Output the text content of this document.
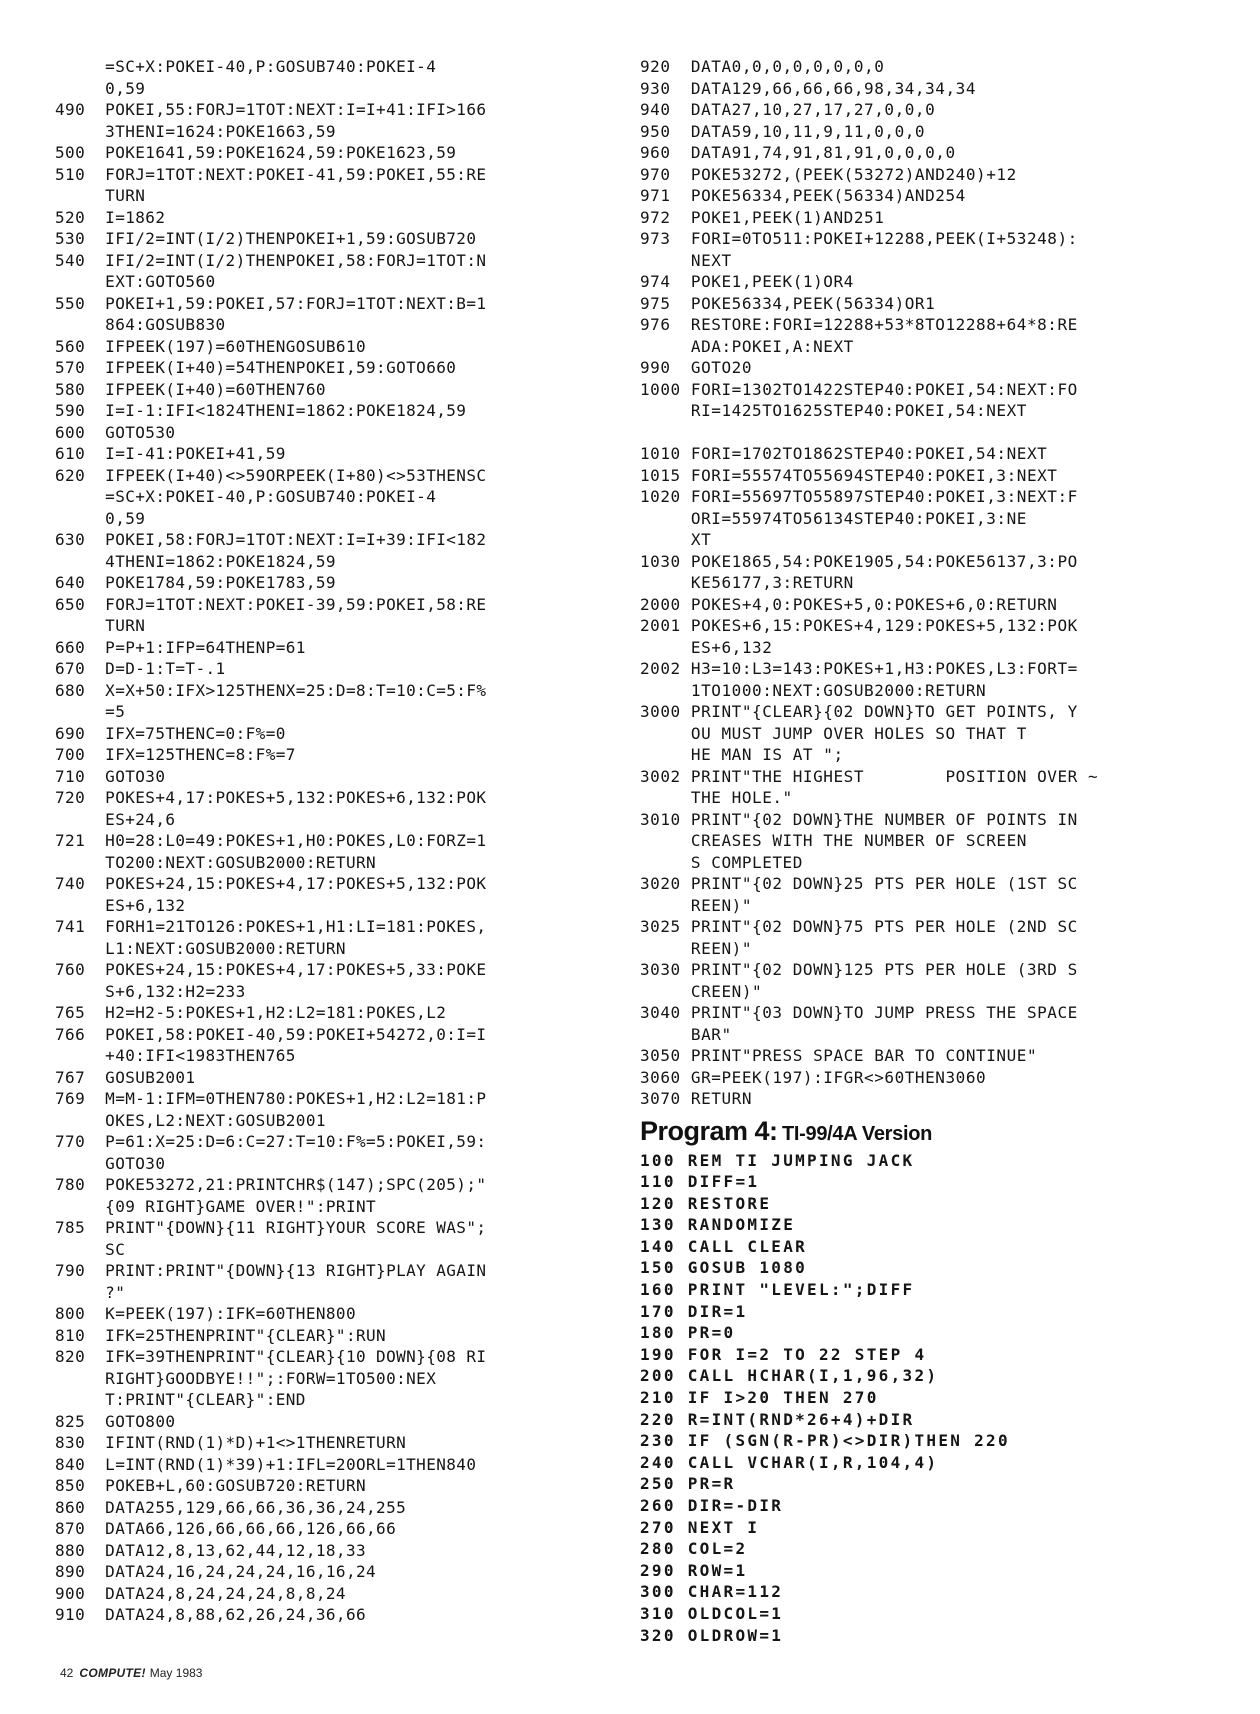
=SC+X:POKEI-40,P:GOSUB740:POKEI-4
0,59
490  POKEI,55:FORJ=1TOT:NEXT:I=I+41:IFI>166
3THENI=1624:POKE1663,59
500  POKE1641,59:POKE1624,59:POKE1623,59
510  FORJ=1TOT:NEXT:POKEI-41,59:POKEI,55:RE
TURN
520  I=1862
530  IFI/2=INT(I/2)THENPOKEI+1,59:GOSUB720
540  IFI/2=INT(I/2)THENPOKEI,58:FORJ=1TOT:N
EXT:GOTO560
550  POKEI+1,59:POKEI,57:FORJ=1TOT:NEXT:B=1
864:GOSUB830
560  IFPEEK(197)=60THENGOSUB610
570  IFPEEK(I+40)=54THENPOKEI,59:GOTO660
580  IFPEEK(I+40)=60THEN760
590  I=I-1:IFI<1824THENI=1862:POKE1824,59
600  GOTO530
610  I=I-41:POKEI+41,59
620  IFPEEK(I+40)<>59ORPEEK(I+80)<>53THENSC
=SC+X:POKEI-40,P:GOSUB740:POKEI-4
0,59
630  POKEI,58:FORJ=1TOT:NEXT:I=I+39:IFI<182
4THENI=1862:POKE1824,59
640  POKE1784,59:POKE1783,59
650  FORJ=1TOT:NEXT:POKEI-39,59:POKEI,58:RE
TURN
660  P=P+1:IFP=64THENP=61
670  D=D-1:T=T-.1
680  X=X+50:IFX>125THENX=25:D=8:T=10:C=5:F%
=5
690  IFX=75THENC=0:F%=0
700  IFX=125THENC=8:F%=7
710  GOTO30
720  POKES+4,17:POKES+5,132:POKES+6,132:POK
ES+24,6
721  H0=28:L0=49:POKES+1,H0:POKES,L0:FORZ=1
TO200:NEXT:GOSUB2000:RETURN
740  POKES+24,15:POKES+4,17:POKES+5,132:POK
ES+6,132
741  FORH1=21TO126:POKES+1,H1:LI=181:POKES,
L1:NEXT:GOSUB2000:RETURN
760  POKES+24,15:POKES+4,17:POKES+5,33:POKE
S+6,132:H2=233
765  H2=H2-5:POKES+1,H2:L2=181:POKES,L2
766  POKEI,58:POKEI-40,59:POKEI+54272,0:I=I
+40:IFI<1983THEN765
767  GOSUB2001
769  M=M-1:IFM=0THEN780:POKES+1,H2:L2=181:P
OKES,L2:NEXT:GOSUB2001
770  P=61:X=25:D=6:C=27:T=10:F%=5:POKEI,59:
GOTO30
780  POKE53272,21:PRINTCHR$(147);SPC(205);"
{09 RIGHT}GAME OVER!":PRINT
785  PRINT"{DOWN}{11 RIGHT}YOUR SCORE WAS";
SC
790  PRINT:PRINT"{DOWN}{13 RIGHT}PLAY AGAIN
?"
800  K=PEEK(197):IFK=60THEN800
810  IFK=25THENPRINT"{CLEAR}":RUN
820  IFK=39THENPRINT"{CLEAR}{10 DOWN}{08 RI
RIGHT}GOODBYE!!";:FORW=1TO500:NEX
T:PRINT"{CLEAR}":END
825  GOTO800
830  IFINT(RND(1)*D)+1<>1THENRETURN
840  L=INT(RND(1)*39)+1:IFL=20ORL=1THEN840
850  POKEB+L,60:GOSUB720:RETURN
860  DATA255,129,66,66,36,36,24,255
870  DATA66,126,66,66,66,126,66,66
880  DATA12,8,13,62,44,12,18,33
890  DATA24,16,24,24,24,16,16,24
900  DATA24,8,24,24,24,8,8,24
910  DATA24,8,88,62,26,24,36,66
920  DATA0,0,0,0,0,0,0,0
930  DATA129,66,66,66,98,34,34,34
940  DATA27,10,27,17,27,0,0,0
950  DATA59,10,11,9,11,0,0,0
960  DATA91,74,91,81,91,0,0,0,0
970  POKE53272,(PEEK(53272)AND240)+12
971  POKE56334,PEEK(56334)AND254
972  POKE1,PEEK(1)AND251
973  FORI=0TO511:POKEI+12288,PEEK(I+53248):
NEXT
974  POKE1,PEEK(1)OR4
975  POKE56334,PEEK(56334)OR1
976  RESTORE:FORI=12288+53*8TO12288+64*8:RE
ADA:POKEI,A:NEXT
990  GOTO20
1000 FORI=1302TO1422STEP40:POKEI,54:NEXT:FO
RI=1425TO1625STEP40:POKEI,54:NEXT
1010 FORI=1702TO1862STEP40:POKEI,54:NEXT
1015 FORI=55574TO55694STEP40:POKEI,3:NEXT
1020 FORI=55697TO55897STEP40:POKEI,3:NEXT:F
ORI=55974TO56134STEP40:POKEI,3:NE
XT
1030 POKE1865,54:POKE1905,54:POKE56137,3:PO
KE56177,3:RETURN
2000 POKES+4,0:POKES+5,0:POKES+6,0:RETURN
2001 POKES+6,15:POKES+4,129:POKES+5,132:POK
ES+6,132
2002 H3=10:L3=143:POKES+1,H3:POKES,L3:FORT=
1TO1000:NEXT:GOSUB2000:RETURN
3000 PRINT"{CLEAR}{02 DOWN}TO GET POINTS, Y
OU MUST JUMP OVER HOLES SO THAT T
HE MAN IS AT ";
3002 PRINT"THE HIGHEST        POSITION OVER ~
THE HOLE."
3010 PRINT"{02 DOWN}THE NUMBER OF POINTS IN
CREASES WITH THE NUMBER OF SCREEN
S COMPLETED
3020 PRINT"{02 DOWN}25 PTS PER HOLE (1ST SC
REEN)"
3025 PRINT"{02 DOWN}75 PTS PER HOLE (2ND SC
REEN)"
3030 PRINT"{02 DOWN}125 PTS PER HOLE (3RD S
CREEN)"
3040 PRINT"{03 DOWN}TO JUMP PRESS THE SPACE
BAR"
3050 PRINT"PRESS SPACE BAR TO CONTINUE"
3060 GR=PEEK(197):IFGR<>60THEN3060
3070 RETURN
Program 4: TI-99/4A Version
100 REM TI JUMPING JACK
110 DIFF=1
120 RESTORE
130 RANDOMIZE
140 CALL CLEAR
150 GOSUB 1080
160 PRINT "LEVEL:";DIFF
170 DIR=1
180 PR=0
190 FOR I=2 TO 22 STEP 4
200 CALL HCHAR(I,1,96,32)
210 IF I>20 THEN 270
220 R=INT(RND*26+4)+DIR
230 IF (SGN(R-PR)<>DIR)THEN 220
240 CALL VCHAR(I,R,104,4)
250 PR=R
260 DIR=-DIR
270 NEXT I
280 COL=2
290 ROW=1
300 CHAR=112
310 OLDCOL=1
320 OLDROW=1
42 COMPUTE! May 1983
